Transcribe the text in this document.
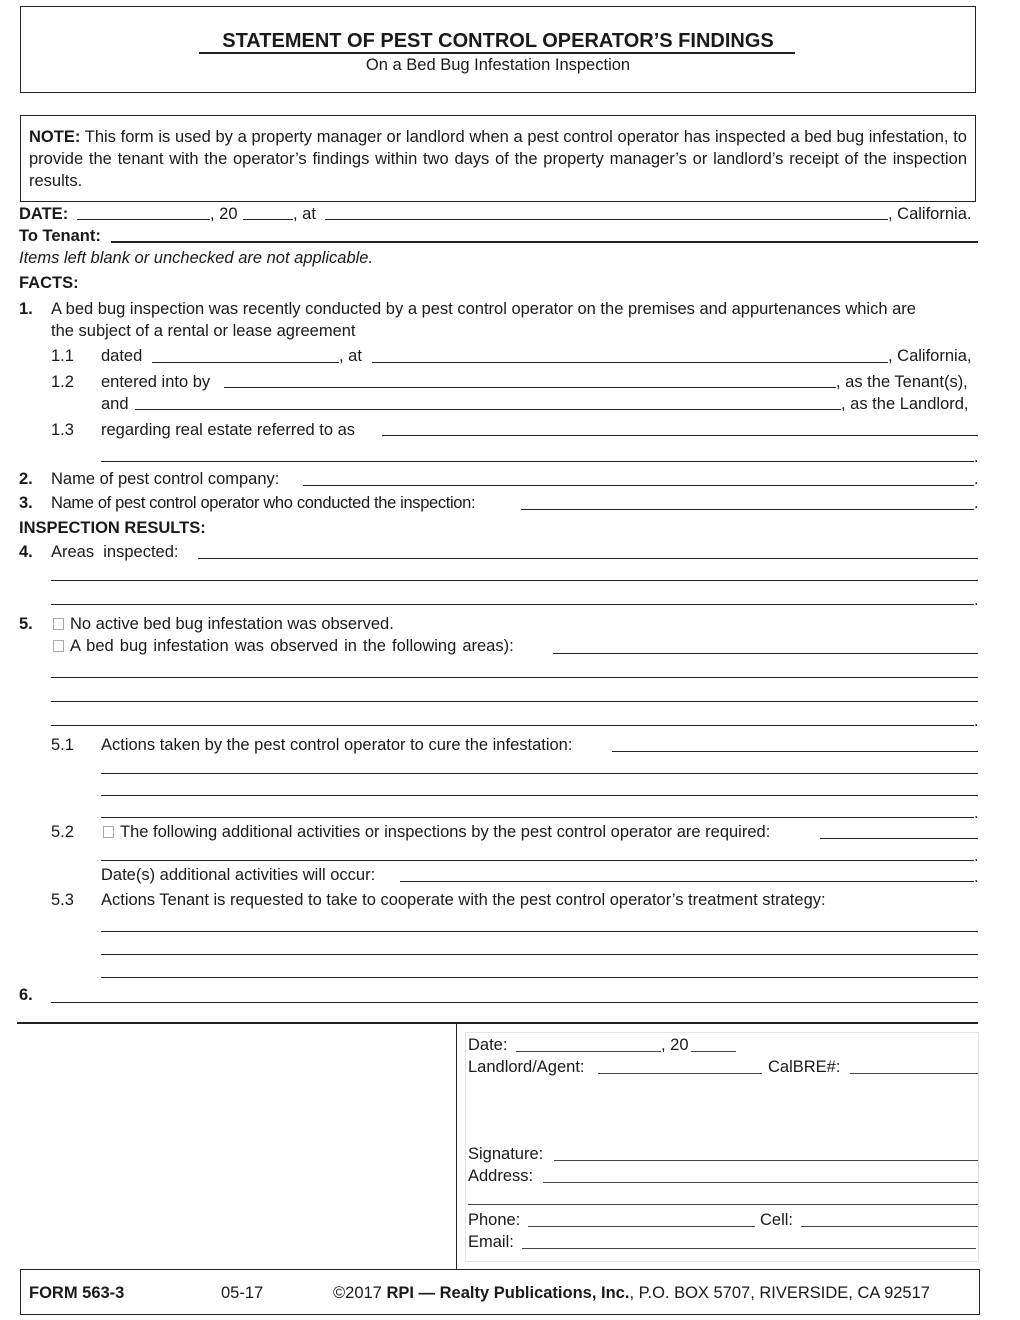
STATEMENT OF PEST CONTROL OPERATOR’S FINDINGS
On a Bed Bug Infestation Inspection
NOTE: This form is used by a property manager or landlord when a pest control operator has inspected a bed bug infestation, to provide the tenant with the operator’s findings within two days of the property manager’s or landlord’s receipt of the inspection results.
DATE:	, 20	, at	, California.
To Tenant:
Items left blank or unchecked are not applicable.
FACTS:
1. A bed bug inspection was recently conducted by a pest control operator on the premises and appurtenances which are
the subject of a rental or lease agreement
1.1 dated	, at	, California,
1.2 entered into by	, as the Tenant(s),
and	, as the Landlord,
1.3 regarding real estate referred to as
.
2. Name of pest control company:	.
3. Name of pest control operator who conducted the inspection:	.
INSPECTION RESULTS:
4. Areas  inspected:
.
5.	No active bed bug infestation was observed.
A bed bug infestation was observed in the following areas):
.
5.1 Actions taken by the pest control operator to cure the infestation:
.
5.2	The following additional activities or inspections by the pest control operator are required:
.
Date(s) additional activities will occur:	.
5.3 Actions Tenant is requested to take to cooperate with the pest control operator’s treatment strategy:
6.
Date:	, 20
Landlord/Agent:	CalBRE#:
Signature:
Address:
Phone:	Cell:
Email:
FORM 563-3	05-17	©2017 RPI — Realty Publications, Inc., P.O. BOX 5707, RIVERSIDE, CA 92517
